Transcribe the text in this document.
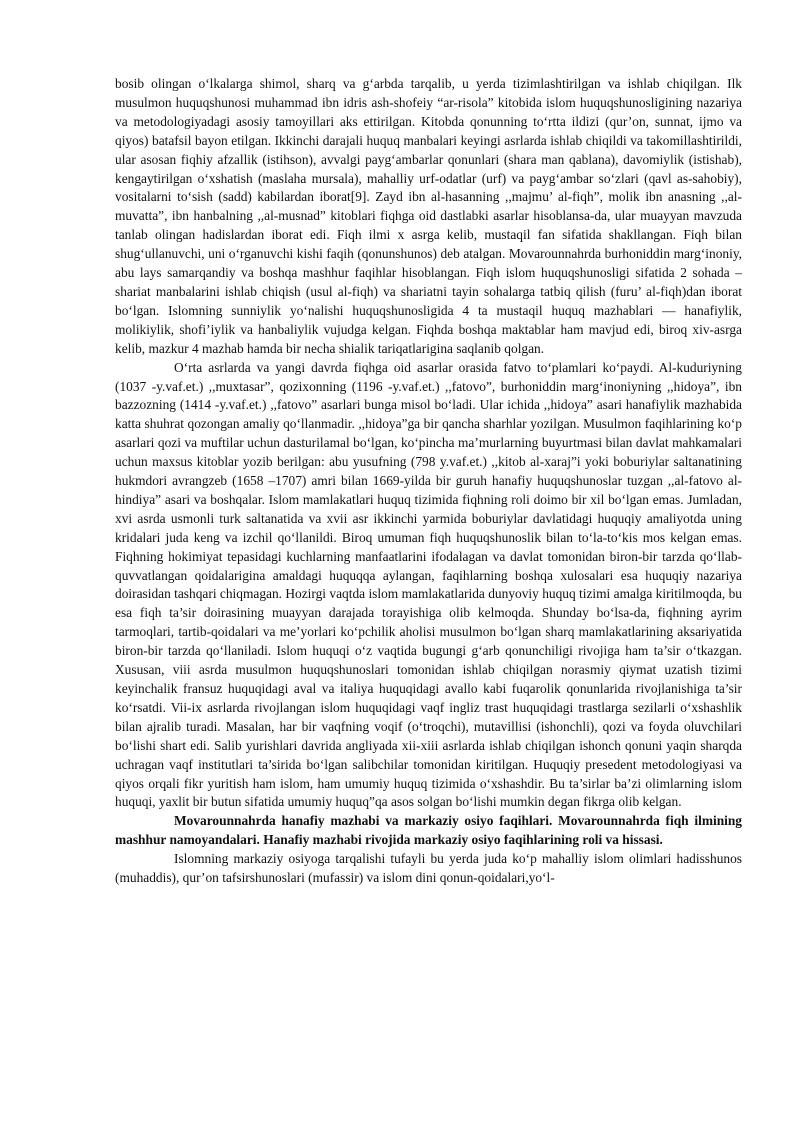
bosib olingan o‘lkalarga shimol, sharq va g‘arbda tarqalib, u yerda tizimlashtirilgan va ishlab chiqilgan. Ilk musulmon huquqshunosi muhammad ibn idris ash-shofeiy “ar-risola” kitobida islom huquqshunosligining nazariya va metodologiyadagi asosiy tamoyillari aks ettirilgan. Kitobda qonunning to‘rtta ildizi (qur’on, sunnat, ijmo va qiyos) batafsil bayon etilgan. Ikkinchi darajali huquq manbalari keyingi asrlarda ishlab chiqildi va takomillashtirildi, ular asosan fiqhiy afzallik (istihson), avvalgi payg‘ambarlar qonunlari (shara man qablana), davomiylik (istishab), kengaytirilgan o‘xshatish (maslaha mursala), mahalliy urf-odatlar (urf) va payg‘ambar so‘zlari (qavl as-sahobiy), vositalarni to‘sish (sadd) kabilardan iborat[9]. Zayd ibn al-hasanning ,,majmu’ al-fiqh”, molik ibn anasning ,,al-muvatta”, ibn hanbalning ,,al-musnad” kitoblari fiqhga oid dastlabki asarlar hisoblansa-da, ular muayyan mavzuda tanlab olingan hadislardan iborat edi. Fiqh ilmi x asrga kelib, mustaqil fan sifatida shakllangan. Fiqh bilan shug‘ullanuvchi, uni o‘rganuvchi kishi faqih (qonunshunos) deb atalgan. Movarounnahrda burhoniddin marg‘inoniy, abu lays samarqandiy va boshqa mashhur faqihlar hisoblangan. Fiqh islom huquqshunosligi sifatida 2 sohada – shariat manbalarini ishlab chiqish (usul al-fiqh) va shariatni tayin sohalarga tatbiq qilish (furu’ al-fiqh)dan iborat bo‘lgan. Islomning sunniylik yo‘nalishi huquqshunosligida 4 ta mustaqil huquq mazhablari — hanafiylik, molikiylik, shofi’iylik va hanbaliylik vujudga kelgan. Fiqhda boshqa maktablar ham mavjud edi, biroq xiv-asrga kelib, mazkur 4 mazhab hamda bir necha shialik tariqatlarigina saqlanib qolgan.

O‘rta asrlarda va yangi davrda fiqhga oid asarlar orasida fatvo to‘plamlari ko‘paydi. Al-kuduriyning (1037 -y.vaf.et.) ,,muxtasar”, qozixonning (1196 -y.vaf.et.) ,,fatovo”, burhoniddin marg‘inoniyning ,,hidoya”, ibn bazzozning (1414 -y.vaf.et.) ,,fatovo” asarlari bunga misol bo‘ladi. Ular ichida ,,hidoya” asari hanafiylik mazhabida katta shuhrat qozongan amaliy qo‘llanmadir. ,,hidoya”ga bir qancha sharhlar yozilgan. Musulmon faqihlarining ko‘p asarlari qozi va muftilar uchun dasturilamal bo‘lgan, ko‘pincha ma’murlarning buyurtmasi bilan davlat mahkamalari uchun maxsus kitoblar yozib berilgan: abu yusufning (798 y.vaf.et.) ,,kitob al-xaraj”i yoki boburiylar saltanatining hukmdori avrangzeb (1658 –1707) amri bilan 1669-yilda bir guruh hanafiy huquqshunoslar tuzgan ,,al-fatovo al-hindiya” asari va boshqalar. Islom mamlakatlari huquq tizimida fiqhning roli doimo bir xil bo‘lgan emas. Jumladan, xvi asrda usmonli turk saltanatida va xvii asr ikkinchi yarmida boburiylar davlatidagi huquqiy amaliyotda uning kridalari juda keng va izchil qo‘llanildi. Biroq umuman fiqh huquqshunoslik bilan to‘la-to‘kis mos kelgan emas. Fiqhning hokimiyat tepasidagi kuchlarning manfaatlarini ifodalagan va davlat tomonidan biron-bir tarzda qo‘llab-quvvatlangan qoidalarigina amaldagi huquqqa aylangan, faqihlarning boshqa xulosalari esa huquqiy nazariya doirasidan tashqari chiqmagan. Hozirgi vaqtda islom mamlakatlarida dunyoviy huquq tizimi amalga kiritilmoqda, bu esa fiqh ta’sir doirasining muayyan darajada torayishiga olib kelmoqda. Shunday bo‘lsa-da, fiqhning ayrim tarmoqlari, tartib-qoidalari va me’yorlari ko‘pchilik aholisi musulmon bo‘lgan sharq mamlakatlarining aksariyatida biron-bir tarzda qo‘llaniladi. Islom huquqi o‘z vaqtida bugungi g‘arb qonunchiligi rivojiga ham ta’sir o‘tkazgan. Xususan, viii asrda musulmon huquqshunoslari tomonidan ishlab chiqilgan norasmiy qiymat uzatish tizimi keyinchalik fransuz huquqidagi aval va italiya huquqidagi avallo kabi fuqarolik qonunlarida rivojlanishiga ta’sir ko‘rsatdi. Vii-ix asrlarda rivojlangan islom huquqidagi vaqf ingliz trast huquqidagi trastlarga sezilarli o‘xshashlik bilan ajralib turadi. Masalan, har bir vaqfning voqif (o‘troqchi), mutavillisi (ishonchli), qozi va foyda oluvchilari bo‘lishi shart edi. Salib yurishlari davrida angliyada xii-xiii asrlarda ishlab chiqilgan ishonch qonuni yaqin sharqda uchragan vaqf institutlari ta’sirida bo‘lgan salibchilar tomonidan kiritilgan. Huquqiy presedent metodologiyasi va qiyos orqali fikr yuritish ham islom, ham umumiy huquq tizimida o‘xshashdir. Bu ta’sirlar ba’zi olimlarning islom huquqi, yaxlit bir butun sifatida umumiy huquq”qa asos solgan bo‘lishi mumkin degan fikrga olib kelgan.

Movarounnahrda hanafiy mazhabi va markaziy osiyo faqihlari. Movarounnahrda fiqh ilmining mashhur namoyandalari. Hanafiy mazhabi rivojida markaziy osiyo faqihlarining roli va hissasi.

Islomning markaziy osiyoga tarqalishi tufayli bu yerda juda ko‘p mahalliy islom olimlari hadisshunos (muhaddis), qur’on tafsirshunoslari (mufassir) va islom dini qonun-qoidalari,yo‘l-
